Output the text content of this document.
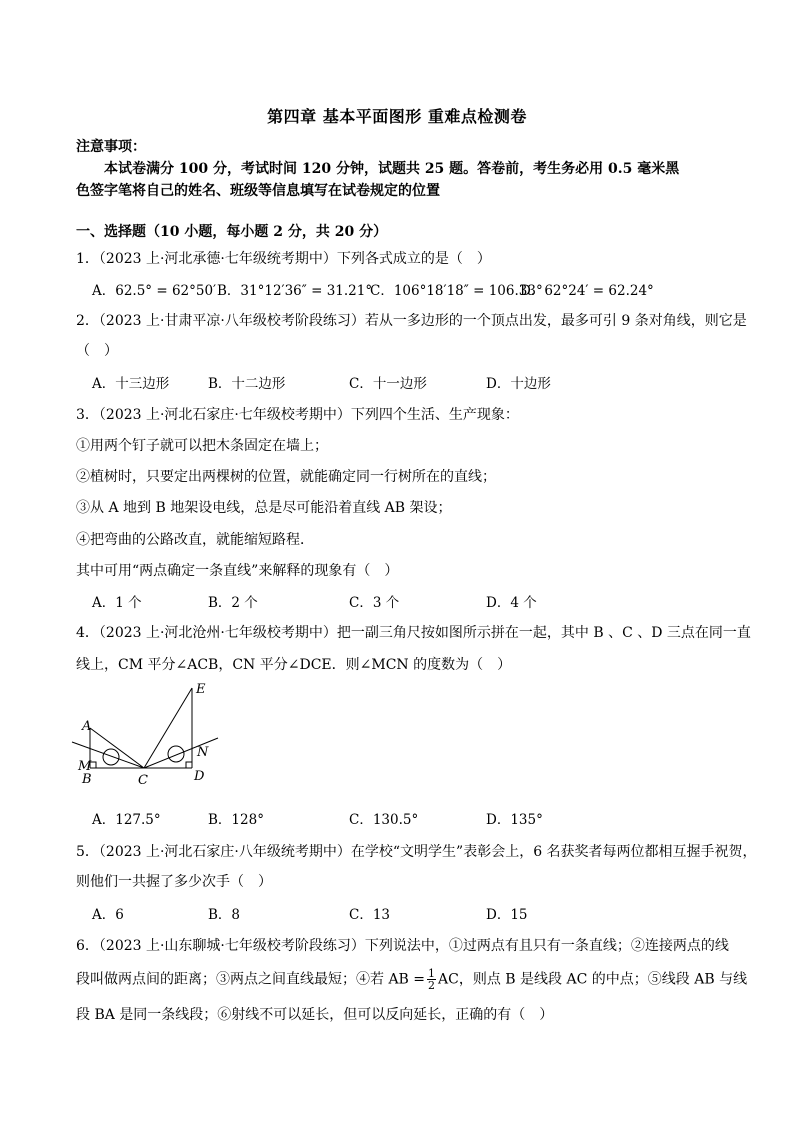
第四章 基本平面图形 重难点检测卷
注意事项：
本试卷满分 100 分，考试时间 120 分钟，试题共 25 题。答卷前，考生务必用 0.5 毫米黑
色签字笔将自己的姓名、班级等信息填写在试卷规定的位置
一、选择题（10 小题，每小题 2 分，共 20 分）
1．（2023 上·河北承德·七年级统考期中）下列各式成立的是（　）
A．62.5° = 62°50′ B．31°12′36″ = 31.21°
C．106°18′18″ = 106.33°
D．62°24′ = 62.24°
2．（2023 上·甘肃平凉·八年级校考阶段练习）若从一多边形的一个顶点出发，最多可引 9 条对角线，则它是
（　）
A．十三边形	B．十二边形	C．十一边形	D．十边形
3．（2023 上·河北石家庄·七年级校考期中）下列四个生活、生产现象：
①用两个钉子就可以把木条固定在墙上；
②植树时，只要定出两棵树的位置，就能确定同一行树所在的直线；
③从 A 地到 B 地架设电线，总是尽可能沿着直线 AB 架设；
④把弯曲的公路改直，就能缩短路程．
其中可用“两点确定一条直线”来解释的现象有（　）
A．1 个	B．2 个	C．3 个	D．4 个
4．（2023 上·河北沧州·七年级校考期中）把一副三角尺按如图所示拼在一起，其中 B 、C 、D 三点在同一直
线上，CM 平分∠ACB，CN 平分∠DCE．则∠MCN 的度数为（　）
E
A
N
M
B	C	D
A．127.5°	B．128°	C．130.5°	D．135°
5．（2023 上·河北石家庄·八年级统考期中）在学校“文明学生”表彰会上，6 名获奖者每两位都相互握手祝贺，
则他们一共握了多少次手（　）
A．6	B．8	C．13	D．15
6．（2023 上·山东聊城·七年级校考阶段练习）下列说法中，①过两点有且只有一条直线；②连接两点的线
段叫做两点间的距离；③两点之间直线最短；④若 AB = $\frac{1}{2}$ AC，则点 B 是线段 AC 的中点；⑤线段 AB 与线
段 BA 是同一条线段；⑥射线不可以延长，但可以反向延长，正确的有（　）
